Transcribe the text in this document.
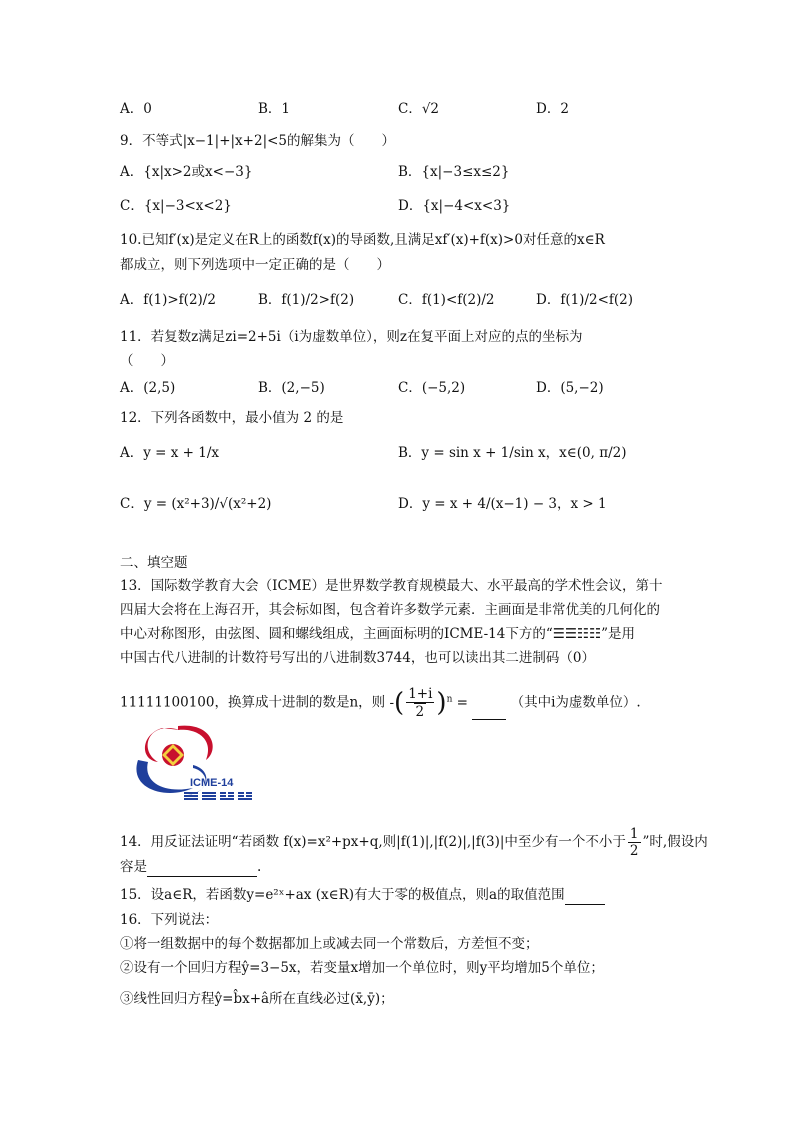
A．0	B．1	C．√2	D．2
9．不等式|x−1|+|x+2|<5的解集为（　　）
A．{x|x>2或x<−3}	B．{x|−3≤x≤2}
C．{x|−3<x<2}	D．{x|−4<x<3}
10.已知f′(x)是定义在R上的函数f(x)的导函数,且满足xf′(x)+f(x)>0对任意的x∈R
都成立，则下列选项中一定正确的是（　　）
A．f(1)>f(2)/2	B．f(1)/2>f(2)	C．f(1)<f(2)/2	D．f(1)/2<f(2)
11．若复数z满足zi=2+5i（i为虚数单位），则z在复平面上对应的点的坐标为
（　　）
A．(2,5)	B．(2,−5)	C．(−5,2)	D．(5,−2)
12．下列各函数中，最小值为 2 的是
A．y = x + 1/x	B．y = sin x + 1/sin x，x∈(0, π/2)
C．y = (x²+3)/√(x²+2)	D．y = x + 4/(x−1) − 3，x > 1
二、填空题
13．国际数学教育大会（ICME）是世界数学教育规模最大、水平最高的学术性会议，第十
四届大会将在上海召开，其会标如图，包含着许多数学元素．主画面是非常优美的几何化的
中心对称图形，由弦图、圆和螺线组成，主画面标明的ICME-14下方的“☰☰☷☷”是用
中国古代八进制的计数符号写出的八进制数3744，也可以读出其二进制码（0）
11111100100，换算成十进制的数是n，则 -( $\frac{1+i}{2} )^n$ =	（其中i为虚数单位）.
ICME-14
14．用反证法证明“若函数 f(x)=x²+px+q,则|f(1)|,|f(2)|,|f(3)|中至少有一个不小于 $\frac{1}{2}$ ”时,假设内
容是	.
15．设a∈R，若函数y=e²ˣ+ax (x∈R)有大于零的极值点，则a的取值范围
16．下列说法：
①将一组数据中的每个数据都加上或减去同一个常数后，方差恒不变；
②设有一个回归方程ŷ=3−5x，若变量x增加一个单位时，则y平均增加5个单位；
③线性回归方程ŷ=b̂x+â所在直线必过(x̄,ȳ)；
